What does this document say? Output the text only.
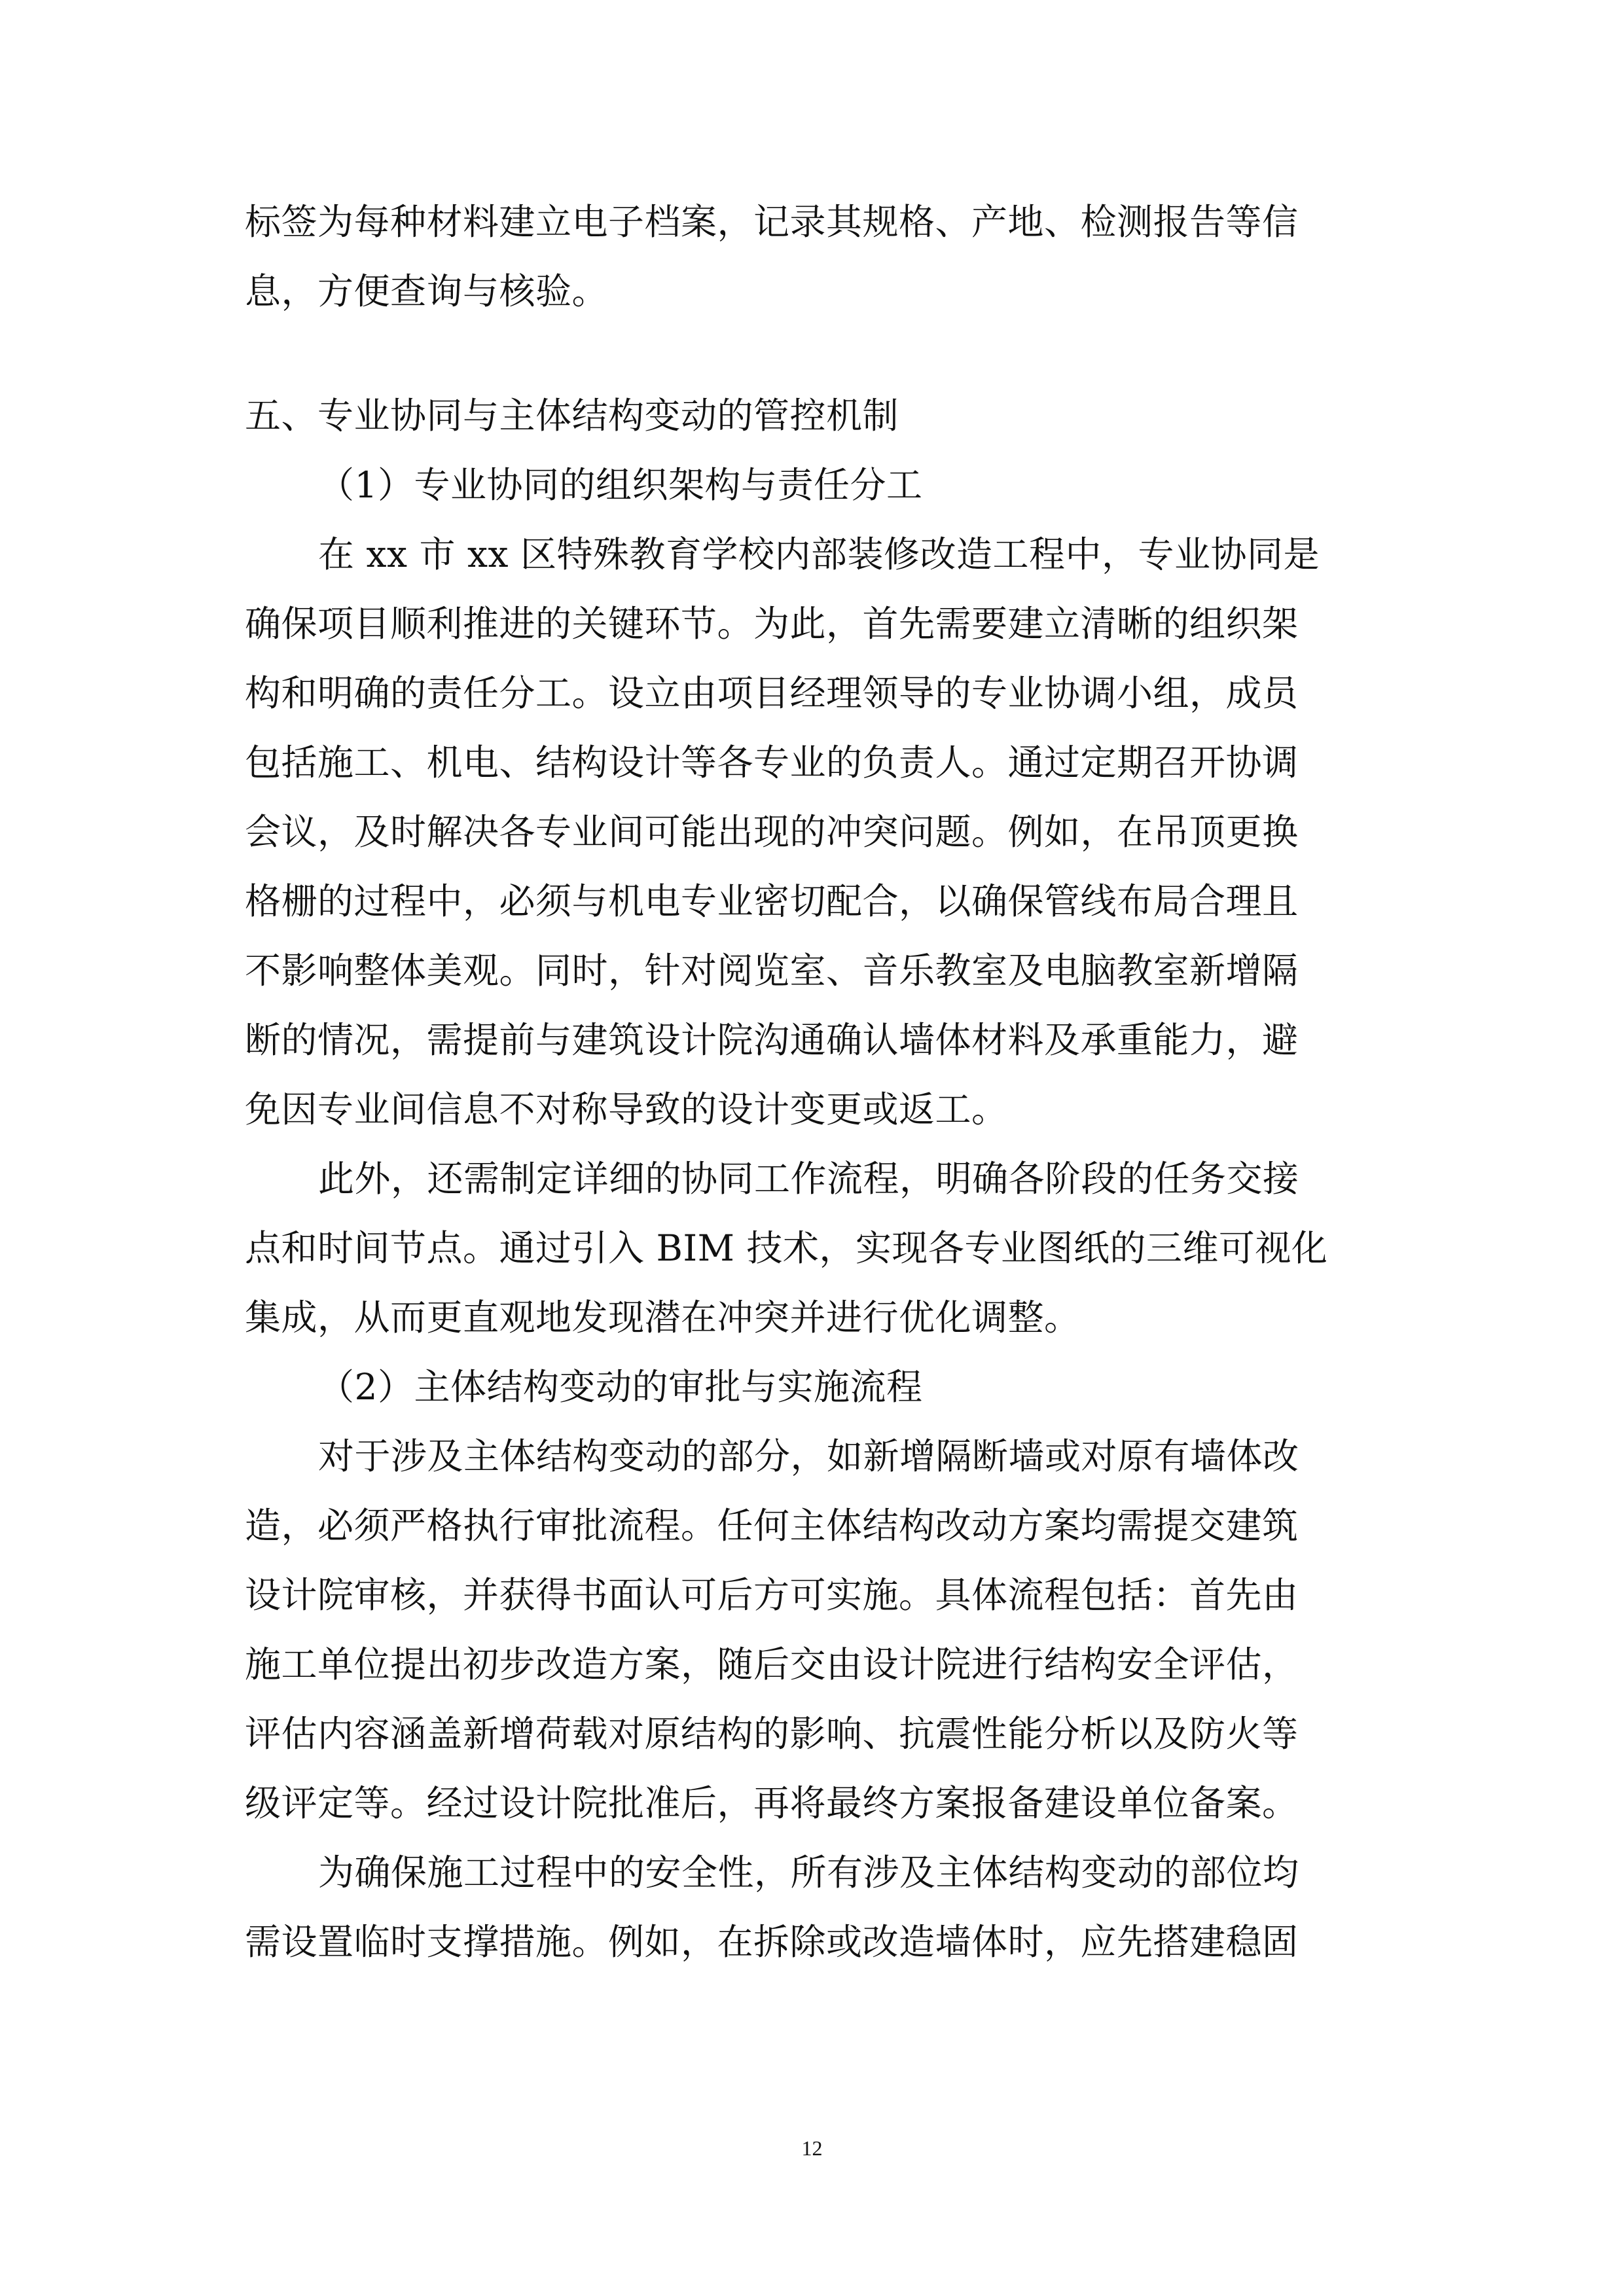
标签为每种材料建立电子档案，记录其规格、产地、检测报告等信
息，方便查询与核验。
五、专业协同与主体结构变动的管控机制
（1）专业协同的组织架构与责任分工
在 xx 市 xx 区特殊教育学校内部装修改造工程中，专业协同是
确保项目顺利推进的关键环节。为此，首先需要建立清晰的组织架
构和明确的责任分工。设立由项目经理领导的专业协调小组，成员
包括施工、机电、结构设计等各专业的负责人。通过定期召开协调
会议，及时解决各专业间可能出现的冲突问题。例如，在吊顶更换
格栅的过程中，必须与机电专业密切配合，以确保管线布局合理且
不影响整体美观。同时，针对阅览室、音乐教室及电脑教室新增隔
断的情况，需提前与建筑设计院沟通确认墙体材料及承重能力，避
免因专业间信息不对称导致的设计变更或返工。
此外，还需制定详细的协同工作流程，明确各阶段的任务交接
点和时间节点。通过引入 BIM 技术，实现各专业图纸的三维可视化
集成，从而更直观地发现潜在冲突并进行优化调整。
（2）主体结构变动的审批与实施流程
对于涉及主体结构变动的部分，如新增隔断墙或对原有墙体改
造，必须严格执行审批流程。任何主体结构改动方案均需提交建筑
设计院审核，并获得书面认可后方可实施。具体流程包括：首先由
施工单位提出初步改造方案，随后交由设计院进行结构安全评估，
评估内容涵盖新增荷载对原结构的影响、抗震性能分析以及防火等
级评定等。经过设计院批准后，再将最终方案报备建设单位备案。
为确保施工过程中的安全性，所有涉及主体结构变动的部位均
需设置临时支撑措施。例如，在拆除或改造墙体时，应先搭建稳固
12
